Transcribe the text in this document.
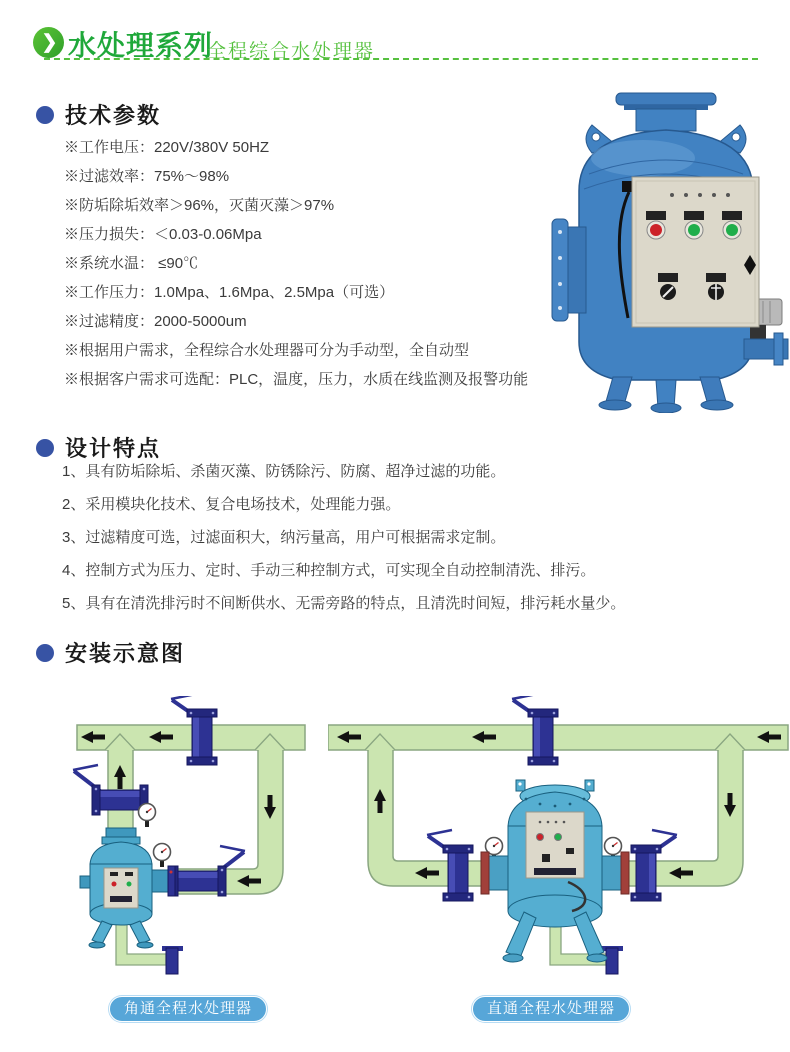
❯ 水处理系列
全程综合水处理器
技术参数
※工作电压：220V/380V 50HZ
※过滤效率：75%～98%
※防垢除垢效率＞96%，灭菌灭藻＞97%
※压力损失：＜0.03-0.06Mpa
※系统水温： ≤90℃
※工作压力：1.0Mpa、1.6Mpa、2.5Mpa（可选）
※过滤精度：2000-5000um
※根据用户需求，全程综合水处理器可分为手动型，全自动型
※根据客户需求可选配：PLC，温度，压力，水质在线监测及报警功能
设计特点
1、具有防垢除垢、杀菌灭藻、防锈除污、防腐、超净过滤的功能。
2、采用模块化技术、复合电场技术，处理能力强。
3、过滤精度可选，过滤面积大，纳污量高，用户可根据需求定制。
4、控制方式为压力、定时、手动三种控制方式，可实现全自动控制清洗、排污。
5、具有在清洗排污时不间断供水、无需旁路的特点，且清洗时间短，排污耗水量少。
安装示意图
角通全程水处理器	直通全程水处理器
